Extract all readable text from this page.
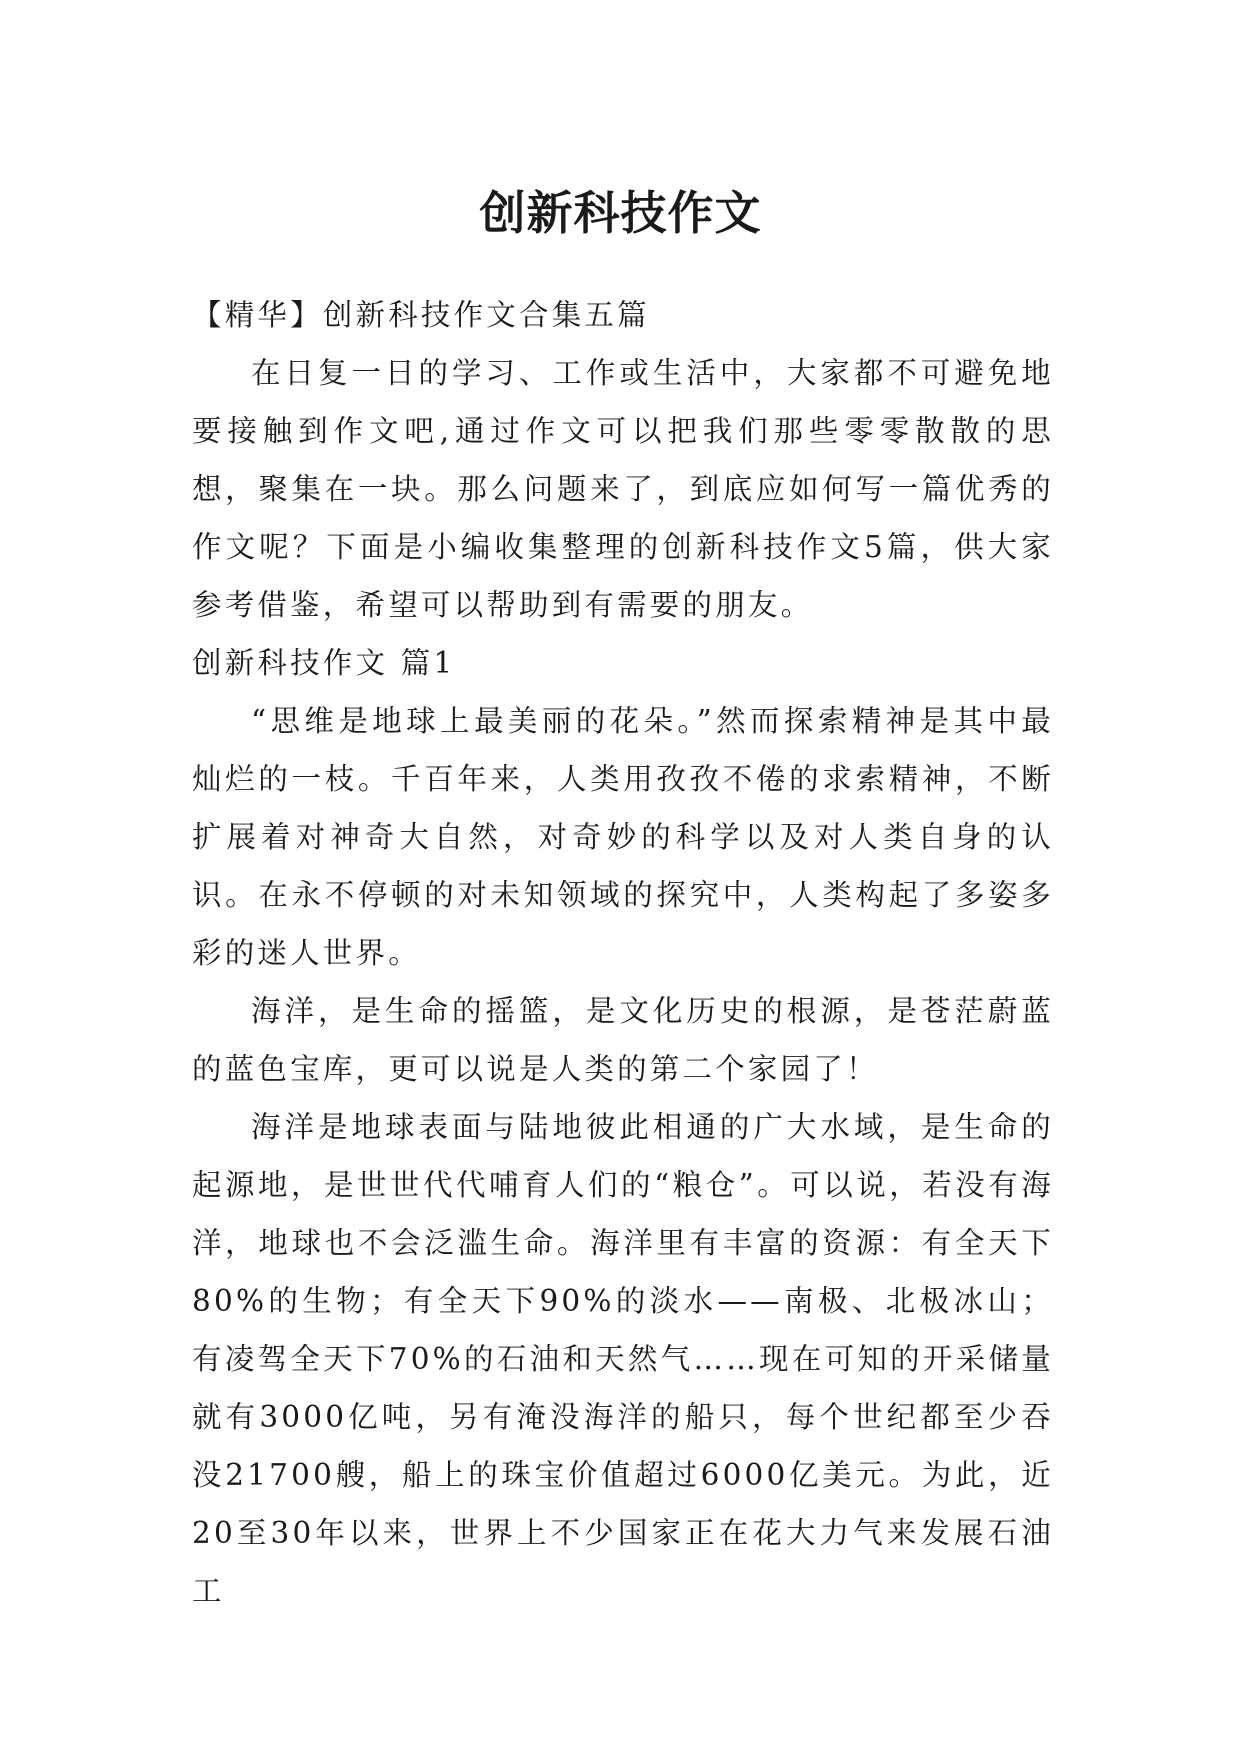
创新科技作文

【精华】创新科技作文合集五篇

在日复一日的学习、工作或生活中，大家都不可避免地要接触到作文吧,通过作文可以把我们那些零零散散的思想，聚集在一块。那么问题来了，到底应如何写一篇优秀的作文呢？下面是小编收集整理的创新科技作文5篇，供大家参考借鉴，希望可以帮助到有需要的朋友。

创新科技作文 篇1

“思维是地球上最美丽的花朵。”然而探索精神是其中最灿烂的一枝。千百年来，人类用孜孜不倦的求索精神，不断扩展着对神奇大自然，对奇妙的科学以及对人类自身的认识。在永不停顿的对未知领域的探究中，人类构起了多姿多彩的迷人世界。

海洋，是生命的摇篮，是文化历史的根源，是苍茫蔚蓝的蓝色宝库，更可以说是人类的第二个家园了！

海洋是地球表面与陆地彼此相通的广大水域，是生命的起源地，是世世代代哺育人们的“粮仓”。可以说，若没有海洋，地球也不会泛滥生命。海洋里有丰富的资源：有全天下80%的生物；有全天下90%的淡水——南极、北极冰山；有凌驾全天下70%的石油和天然气……现在可知的开采储量就有3000亿吨，另有淹没海洋的船只，每个世纪都至少吞没21700艘，船上的珠宝价值超过6000亿美元。为此，近20至30年以来，世界上不少国家正在花大力气来发展石油工
